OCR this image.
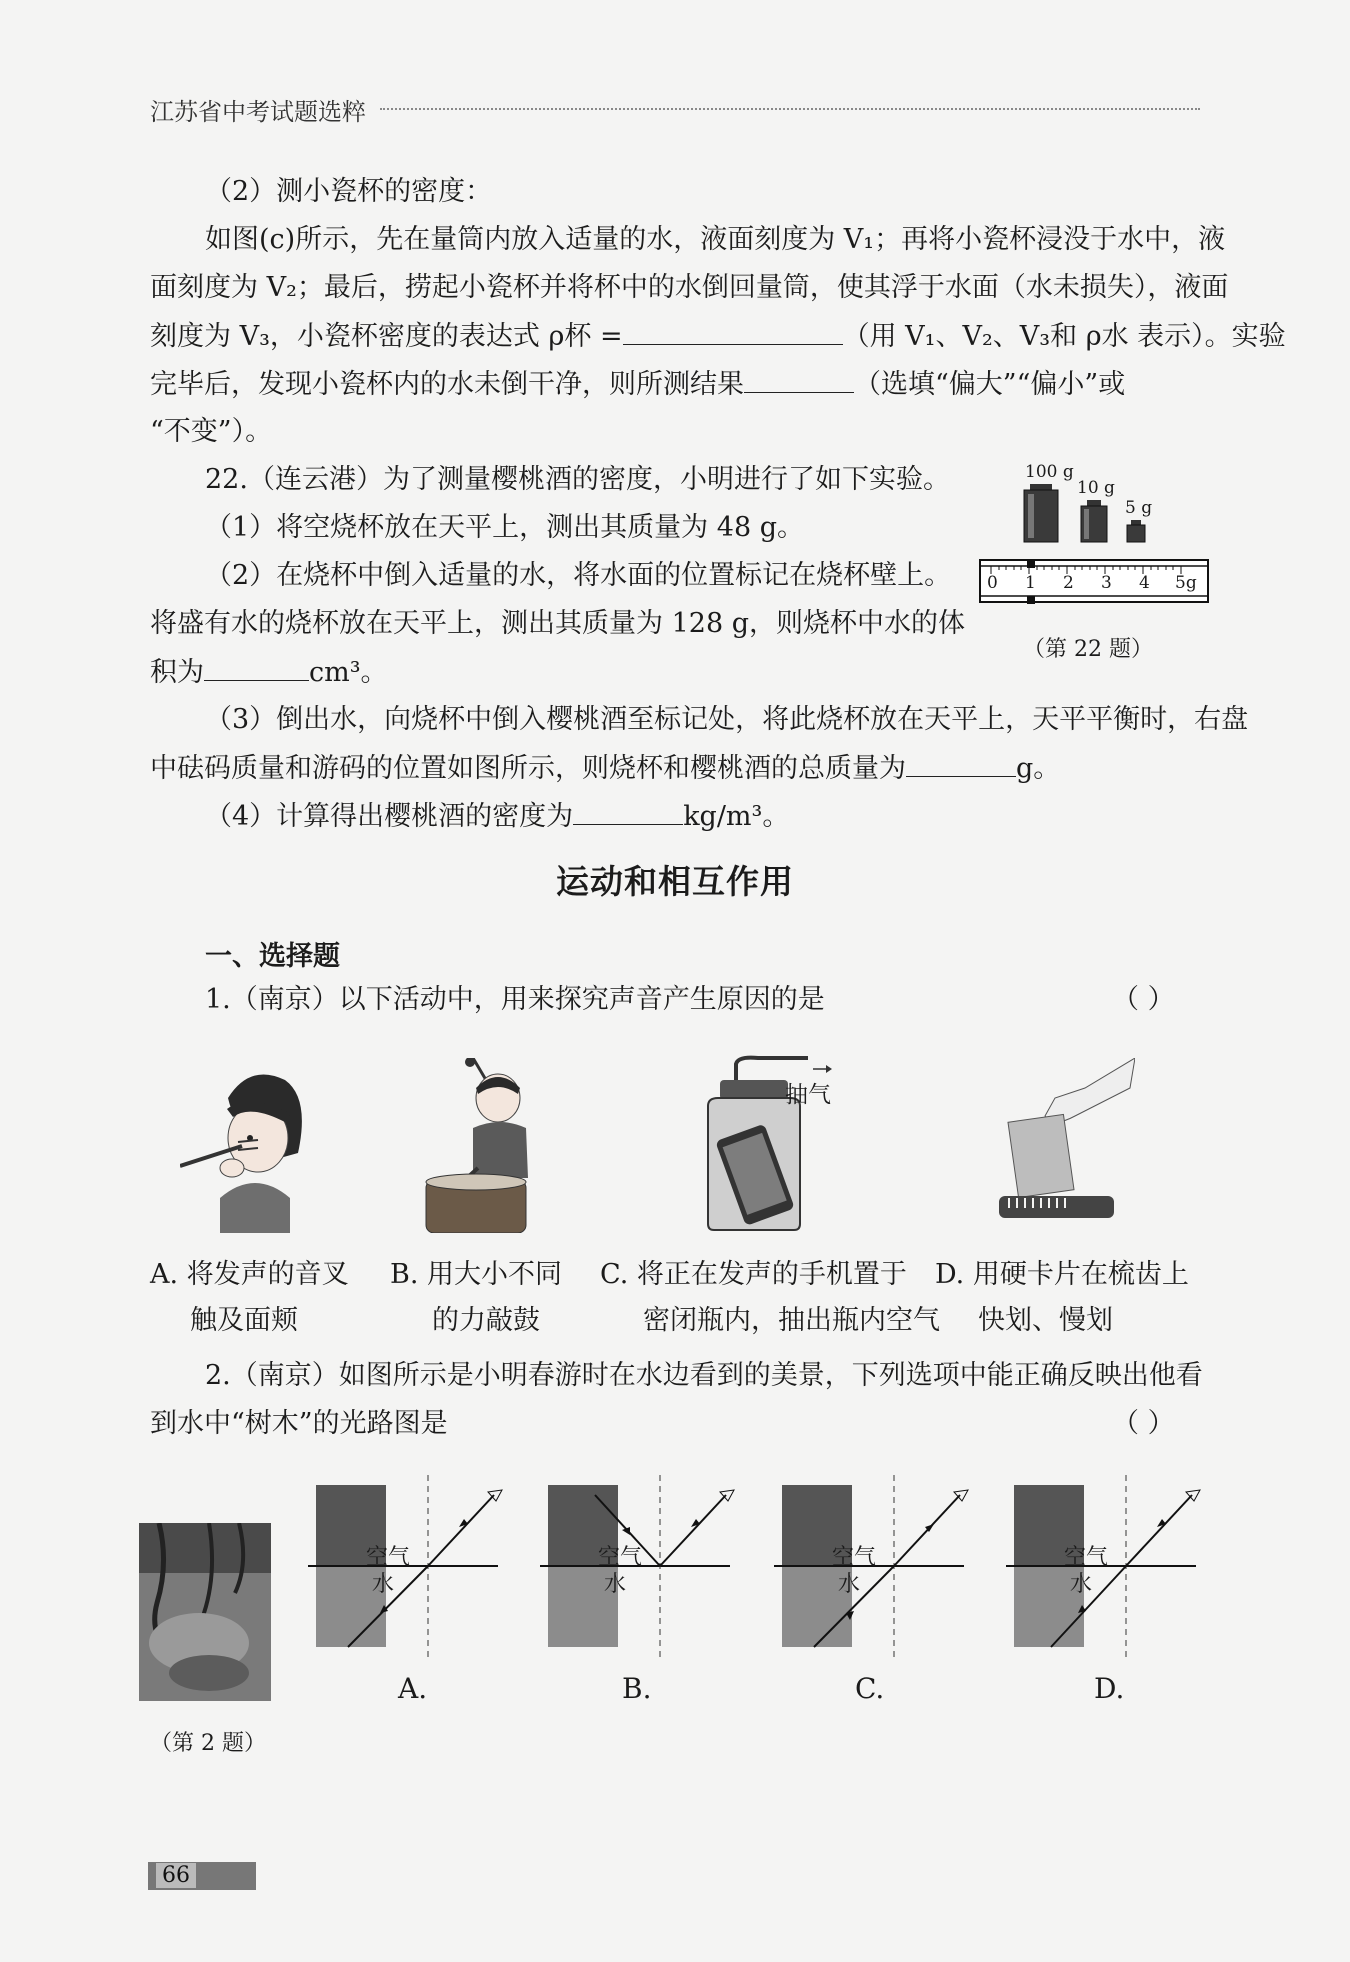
江苏省中考试题选粹
（2）测小瓷杯的密度：
如图(c)所示，先在量筒内放入适量的水，液面刻度为 V₁；再将小瓷杯浸没于水中，液
面刻度为 V₂；最后，捞起小瓷杯并将杯中的水倒回量筒，使其浮于水面（水未损失），液面
刻度为 V₃，小瓷杯密度的表达式 ρ杯 =	（用 V₁、V₂、V₃和 ρ水 表示）。实验
完毕后，发现小瓷杯内的水未倒干净，则所测结果	（选填“偏大”“偏小”或
“不变”）。
22.（连云港）为了测量樱桃酒的密度，小明进行了如下实验。
（1）将空烧杯放在天平上，测出其质量为 48 g。
（2）在烧杯中倒入适量的水，将水面的位置标记在烧杯壁上。
将盛有水的烧杯放在天平上，测出其质量为 128 g，则烧杯中水的体
积为	cm³。
（3）倒出水，向烧杯中倒入樱桃酒至标记处，将此烧杯放在天平上，天平平衡时，右盘
中砝码质量和游码的位置如图所示，则烧杯和樱桃酒的总质量为	g。
（4）计算得出樱桃酒的密度为	kg/m³。
100 g
10 g
5 g
0 1 2 3 4 5g
（第 22 题）
运动和相互作用
一、选择题
1.（南京）以下活动中，用来探究声音产生原因的是	（ ）
抽气
A. 将发声的音叉
触及面颊
B. 用大小不同
的力敲鼓
C. 将正在发声的手机置于
密闭瓶内，抽出瓶内空气
D. 用硬卡片在梳齿上
快划、慢划
2.（南京）如图所示是小明春游时在水边看到的美景，下列选项中能正确反映出他看
到水中“树木”的光路图是	（ ）
（第 2 题）
空气
水
空气
水
空气
水
空气
水
A.	B.	C.	D.
66
